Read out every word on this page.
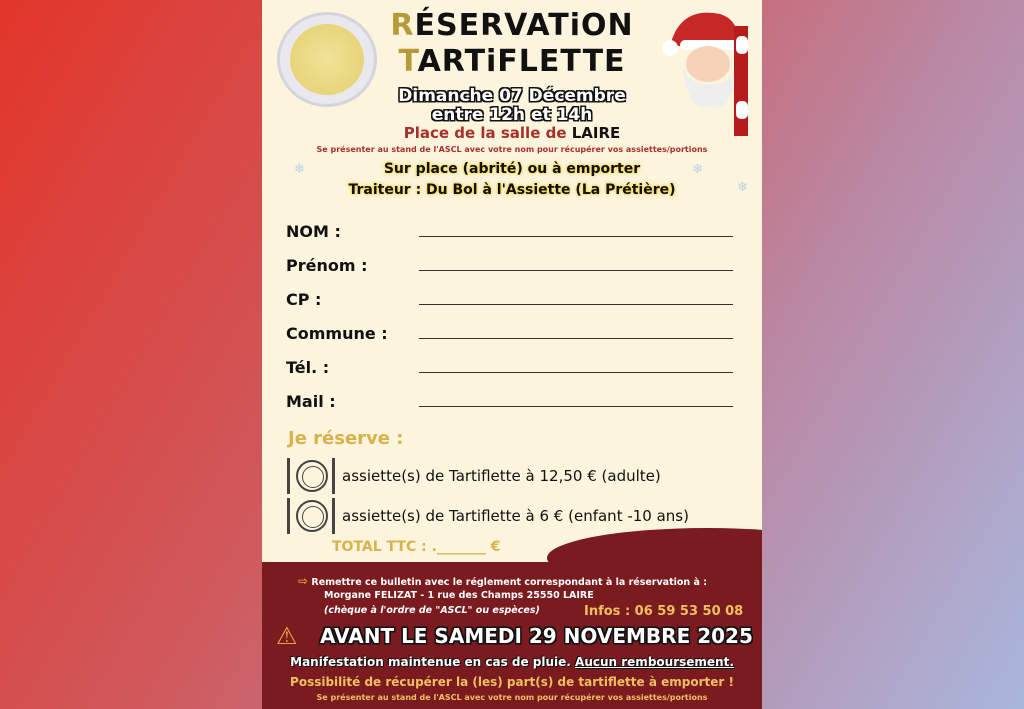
RÉSERVATiON
TARTiFLETTE
Dimanche 07 Décembre
entre 12h et 14h
Place de la salle de LAIRE
Se présenter au stand de l'ASCL avec votre nom pour récupérer vos assiettes/portions
❄	❄
❄
Sur place (abrité) ou à emporter
Traiteur : Du Bol à l'Assiette (La Prétière)
NOM :
Prénom :
CP :
Commune :
Tél. :
Mail :
Je réserve :
assiette(s) de Tartiflette à 12,50 € (adulte)
assiette(s) de Tartiflette à 6 € (enfant -10 ans)
TOTAL TTC : ._______ €
⇨ Remettre ce bulletin avec le réglement correspondant à la réservation à :
Morgane FELIZAT - 1 rue des Champs 25550 LAIRE
(chèque à l'ordre de "ASCL" ou espèces)	Infos : 06 59 53 50 08
⚠	AVANT LE SAMEDI 29 NOVEMBRE 2025
Manifestation maintenue en cas de pluie. Aucun remboursement.
Possibilité de récupérer la (les) part(s) de tartiflette à emporter !
Se présenter au stand de l'ASCL avec votre nom pour récupérer vos assiettes/portions
